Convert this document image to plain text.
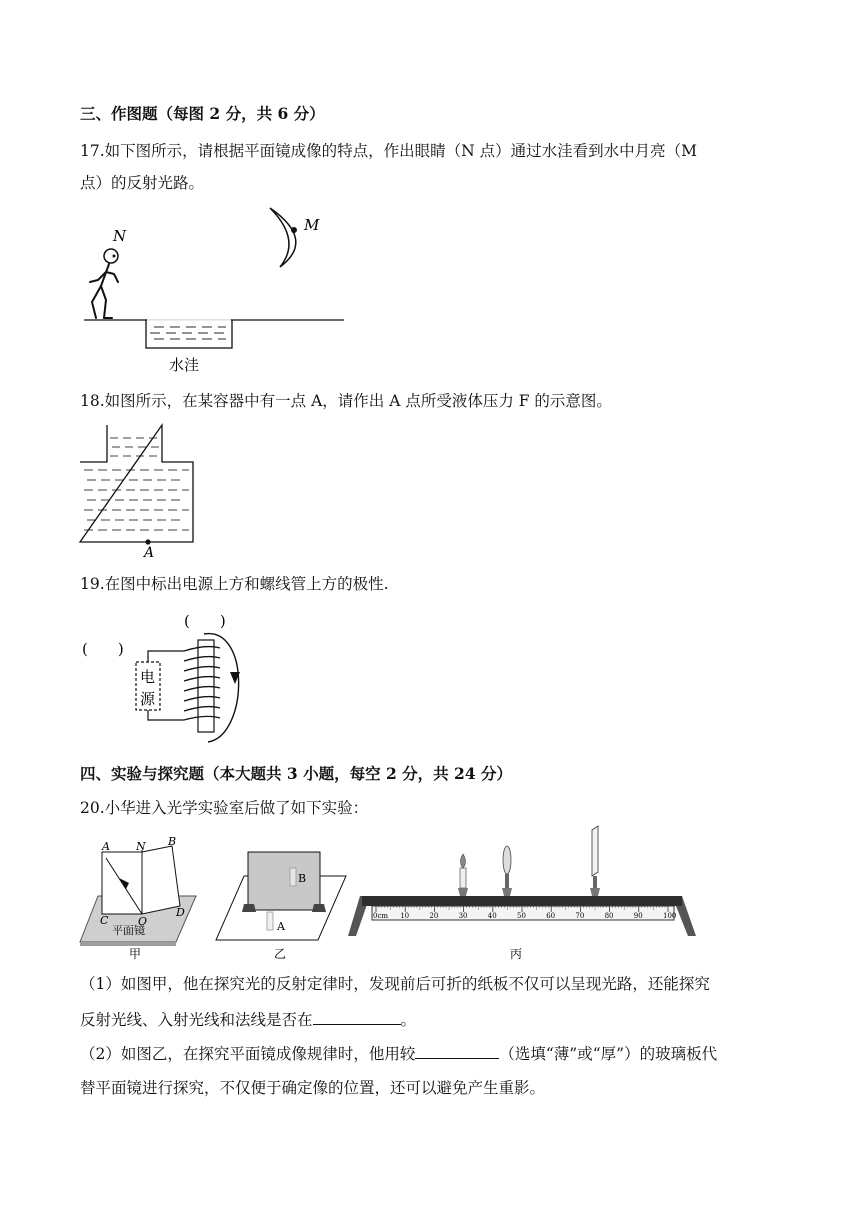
三、作图题（每图 2 分，共 6 分）
17.如下图所示，请根据平面镜成像的特点，作出眼睛（N 点）通过水洼看到水中月亮（M
点）的反射光路。
水洼
N
M
18.如图所示，在某容器中有一点 A，请作出 A 点所受液体压力 F 的示意图。
A
19.在图中标出电源上方和螺线管上方的极性.
(　　)
(　　)
电
源
四、实验与探究题（本大题共 3 小题，每空 2 分，共 24 分）
20.小华进入光学实验室后做了如下实验：
平面镜
A N B
C	O
D
甲
B
A
乙
0cm 10	20	30	40	50	60	70	80	90	100
丙
（1）如图甲，他在探究光的反射定律时，发现前后可折的纸板不仅可以呈现光路，还能探究
反射光线、入射光线和法线是否在	。
（2）如图乙，在探究平面镜成像规律时，他用较	（选填“薄”或“厚”）的玻璃板代
替平面镜进行探究，不仅便于确定像的位置，还可以避免产生重影。
